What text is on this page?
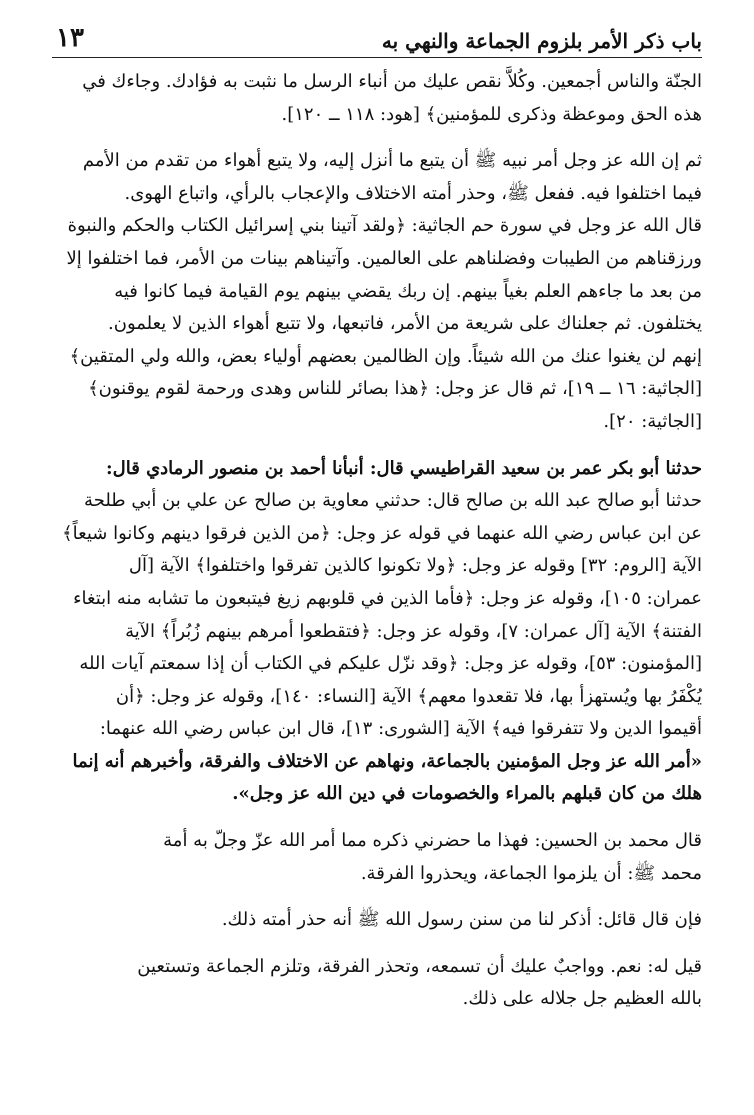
باب ذكر الأمر بلزوم الجماعة والنهي به
١٣
الجنّة والناس أجمعين. وكُلاًّ نقص عليك من أنباء الرسل ما نثبت به فؤادك. وجاءك في
هذه الحق وموعظة وذكرى للمؤمنين﴾ [هود: ١١٨ ــ ١٢٠].
ثم إن الله عز وجل أمر نبيه ﷺ أن يتبع ما أنزل إليه، ولا يتبع أهواء من تقدم من الأمم
فيما اختلفوا فيه. ففعل ﷺ، وحذر أمته الاختلاف والإعجاب بالرأي، واتباع الهوى.
قال الله عز وجل في سورة حم الجاثية: ﴿ولقد آتينا بني إسرائيل الكتاب والحكم والنبوة
ورزقناهم من الطيبات وفضلناهم على العالمين. وآتيناهم بينات من الأمر، فما اختلفوا إلا
من بعد ما جاءهم العلم بغياً بينهم. إن ربك يقضي بينهم يوم القيامة فيما كانوا فيه
يختلفون. ثم جعلناك على شريعة من الأمر، فاتبعها، ولا تتبع أهواء الذين لا يعلمون.
إنهم لن يغنوا عنك من الله شيئاً. وإن الظالمين بعضهم أولياء بعض، والله ولي المتقين﴾
[الجاثية: ١٦ ــ ١٩]، ثم قال عز وجل: ﴿هذا بصائر للناس وهدى ورحمة لقوم يوقنون﴾
[الجاثية: ٢٠].
حدثنا أبو بكر عمر بن سعيد القراطيسي قال: أنبأنا أحمد بن منصور الرمادي قال:
حدثنا أبو صالح عبد الله بن صالح قال: حدثني معاوية بن صالح عن علي بن أبي طلحة
عن ابن عباس رضي الله عنهما في قوله عز وجل: ﴿من الذين فرقوا دينهم وكانوا شيعاً﴾
الآية [الروم: ٣٢] وقوله عز وجل: ﴿ولا تكونوا كالذين تفرقوا واختلفوا﴾ الآية [آل
عمران: ١٠٥]، وقوله عز وجل: ﴿فأما الذين في قلوبهم زيغ فيتبعون ما تشابه منه ابتغاء
الفتنة﴾ الآية [آل عمران: ٧]، وقوله عز وجل: ﴿فتقطعوا أمرهم بينهم زُبُراً﴾ الآية
[المؤمنون: ٥٣]، وقوله عز وجل: ﴿وقد نزّل عليكم في الكتاب أن إذا سمعتم آيات الله
يُكْفَرُ بها ويُستهزأ بها، فلا تقعدوا معهم﴾ الآية [النساء: ١٤٠]، وقوله عز وجل: ﴿أن
أقيموا الدين ولا تتفرقوا فيه﴾ الآية [الشورى: ١٣]، قال ابن عباس رضي الله عنهما:
«أمر الله عز وجل المؤمنين بالجماعة، ونهاهم عن الاختلاف والفرقة، وأخبرهم أنه إنما
هلك من كان قبلهم بالمراء والخصومات في دين الله عز وجل».
قال محمد بن الحسين: فهذا ما حضرني ذكره مما أمر الله عزّ وجلّ به أمة
محمد ﷺ: أن يلزموا الجماعة، ويحذروا الفرقة.
فإن قال قائل: أذكر لنا من سنن رسول الله ﷺ أنه حذر أمته ذلك.
قيل له: نعم. وواجبٌ عليك أن تسمعه، وتحذر الفرقة، وتلزم الجماعة وتستعين
بالله العظيم جل جلاله على ذلك.
